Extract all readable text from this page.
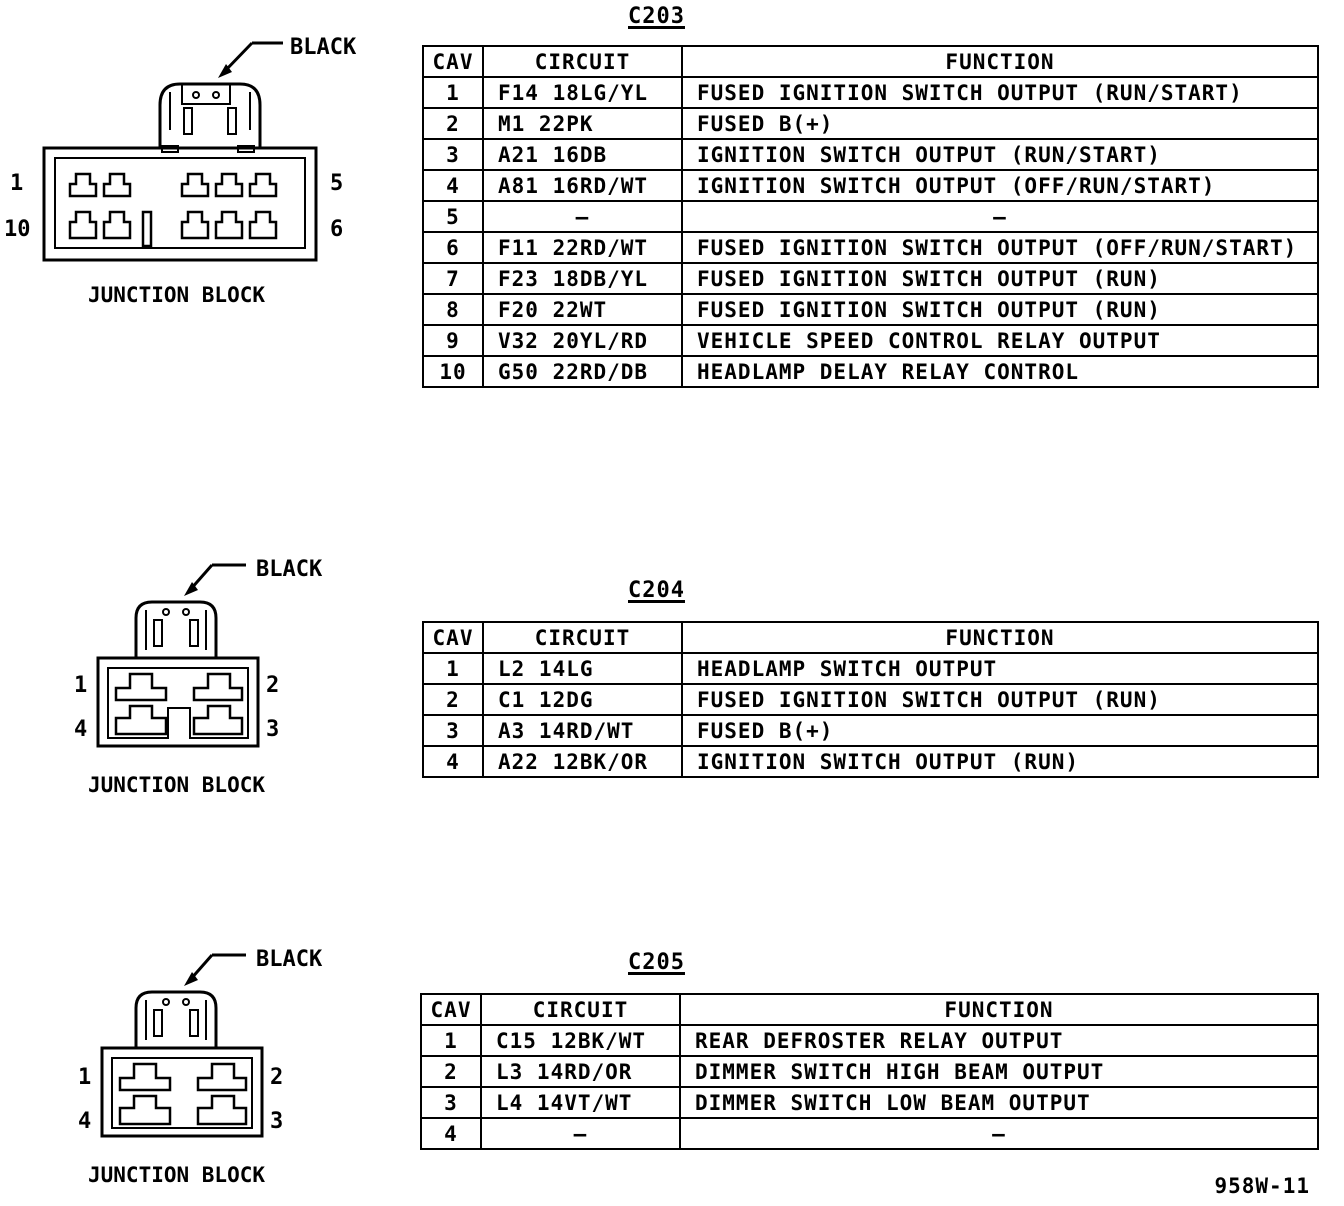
BLACK
1
10
5
6
JUNCTION BLOCK
C203
CAV	CIRCUIT	FUNCTION
1	F14 18LG/YL	FUSED IGNITION SWITCH OUTPUT (RUN/START)
2	M1 22PK	FUSED B(+)
3	A21 16DB	IGNITION SWITCH OUTPUT (RUN/START)
4	A81 16RD/WT	IGNITION SWITCH OUTPUT (OFF/RUN/START)
5	–	–
6	F11 22RD/WT	FUSED IGNITION SWITCH OUTPUT (OFF/RUN/START)
7	F23 18DB/YL	FUSED IGNITION SWITCH OUTPUT (RUN)
8	F20 22WT	FUSED IGNITION SWITCH OUTPUT (RUN)
9	V32 20YL/RD	VEHICLE SPEED CONTROL RELAY OUTPUT
10	G50 22RD/DB	HEADLAMP DELAY RELAY CONTROL
BLACK
1
4
2
3
JUNCTION BLOCK
C204
CAV	CIRCUIT	FUNCTION
1	L2 14LG	HEADLAMP SWITCH OUTPUT
2	C1 12DG	FUSED IGNITION SWITCH OUTPUT (RUN)
3	A3 14RD/WT	FUSED B(+)
4	A22 12BK/OR	IGNITION SWITCH OUTPUT (RUN)
BLACK
1
4
2
3
JUNCTION BLOCK
C205
CAV	CIRCUIT	FUNCTION
1	C15 12BK/WT	REAR DEFROSTER RELAY OUTPUT
2	L3 14RD/OR	DIMMER SWITCH HIGH BEAM OUTPUT
3	L4 14VT/WT	DIMMER SWITCH LOW BEAM OUTPUT
4	–	–
958W-11
